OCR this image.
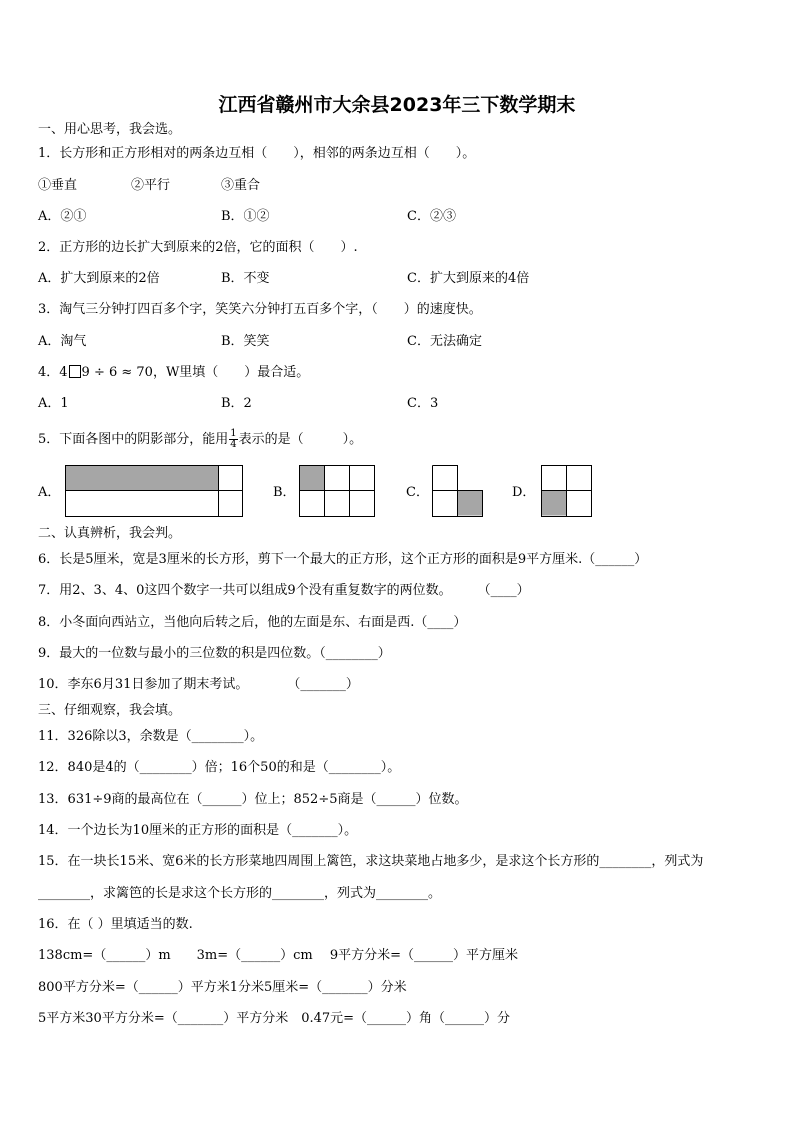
江西省赣州市大余县2023年三下数学期末
一、用心思考，我会选。
1．长方形和正方形相对的两条边互相（　　），相邻的两条边互相（　　）。
①垂直	②平行	③重合
A．②①	B．①②	C．②③
2．正方形的边长扩大到原来的2倍，它的面积（　　）.
A．扩大到原来的2倍	B．不变	C．扩大到原来的4倍
3．淘气三分钟打四百多个字，笑笑六分钟打五百多个字，（　　）的速度快。
A．淘气	B．笑笑	C．无法确定
4．4 9 ÷ 6 ≈ 70，W里填（　　）最合适。
A．1	B．2	C．3
5．下面各图中的阴影部分，能用 $\frac{1}{4}$ 表示的是（　　　）。
A．	B．	C．	D．
二、认真辨析，我会判。
6．长是5厘米，宽是3厘米的长方形，剪下一个最大的正方形，这个正方形的面积是9平方厘米.（______）
7．用2、3、4、0这四个数字一共可以组成9个没有重复数字的两位数。　　　（____）
8．小冬面向西站立，当他向后转之后，他的左面是东、右面是西.（____）
9．最大的一位数与最小的三位数的积是四位数。（________）
10．李东6月31日参加了期末考试。　　　　（_______）
三、仔细观察，我会填。
11．326除以3，余数是（________）。
12．840是4的（________）倍；16个50的和是（________）。
13．631÷9商的最高位在（______）位上；852÷5商是（______）位数。
14．一个边长为10厘米的正方形的面积是（_______）。
15．在一块长15米、宽6米的长方形菜地四周围上篱笆，求这块菜地占地多少，是求这个长方形的________，列式为
________，求篱笆的长是求这个长方形的________，列式为________。
16．在（ ）里填适当的数.
138cm=（______）m　　3m=（______）cm　 9平方分米=（______）平方厘米
800平方分米=（______）平方米1分米5厘米=（_______）分米
5平方米30平方分米=（_______）平方分米　0.47元=（______）角（______）分
